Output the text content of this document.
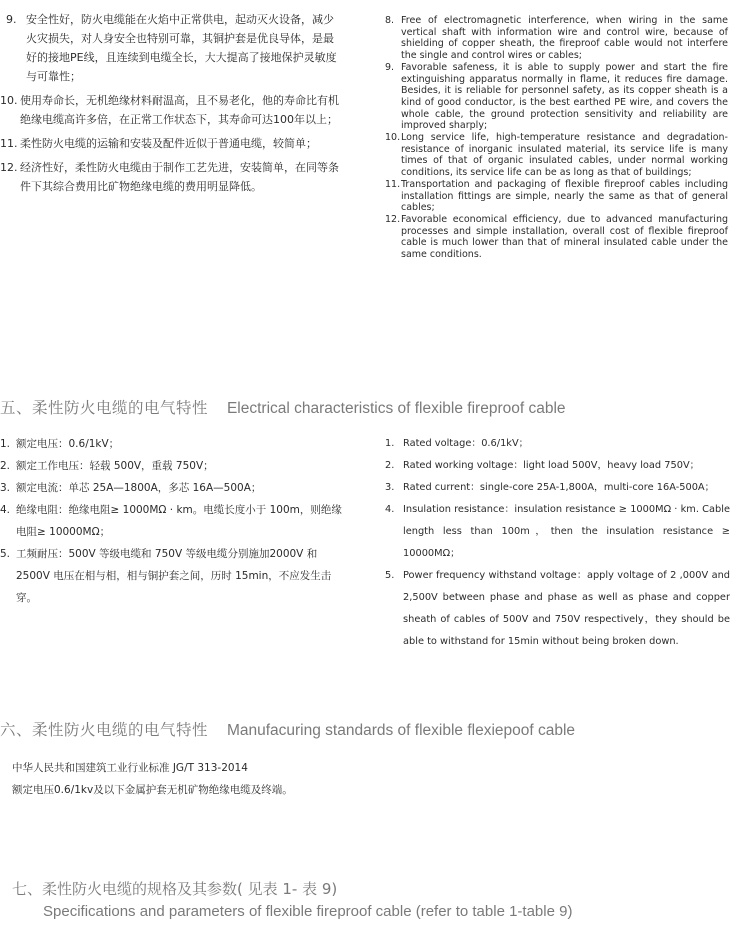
9. 安全性好，防火电缆能在火焰中正常供电，起动灭火设备，减少火灾损失，对人身安全也特别可靠，其铜护套是优良导体，是最好的接地PE线，且连续到电缆全长，大大提高了接地保护灵敏度与可靠性；
10. 使用寿命长，无机绝缘材料耐温高，且不易老化，他的寿命比有机绝缘电缆高许多倍，在正常工作状态下，其寿命可达100年以上；
11. 柔性防火电缆的运输和安装及配件近似于普通电缆，较简单；
12. 经济性好，柔性防火电缆由于制作工艺先进，安装简单，在同等条件下其综合费用比矿物绝缘电缆的费用明显降低。
8. Free of electromagnetic interference, when wiring in the same vertical shaft with information wire and control wire, because of shielding of copper sheath, the fireproof cable would not interfere the single and control wires or cables;
9. Favorable safeness, it is able to supply power and start the fire extinguishing apparatus normally in flame, it reduces fire damage. Besides, it is reliable for personnel safety, as its copper sheath is a kind of good conductor, is the best earthed PE wire, and covers the whole cable, the ground protection sensitivity and reliability are improved sharply;
10. Long service life, high-temperature resistance and degradation-resistance of inorganic insulated material, its service life is many times of that of organic insulated cables, under normal working conditions, its service life can be as long as that of buildings;
11. Transportation and packaging of flexible fireproof cables including installation fittings are simple, nearly the same as that of general cables;
12. Favorable economical efficiency, due to advanced manufacturing processes and simple installation, overall cost of flexible fireproof cable is much lower than that of mineral insulated cable under the same conditions.
五、柔性防火电缆的电气特性 Electrical characteristics of flexible fireproof cable
1. 额定电压：0.6/1kV；
2. 额定工作电压：轻载 500V，重载 750V；
3. 额定电流：单芯 25A—1800A，多芯 16A—500A；
4. 绝缘电阻：绝缘电阻≥ 1000MΩ · km。电缆长度小于 100m，则绝缘电阻≥ 10000MΩ；
5. 工频耐压：500V 等级电缆和 750V 等级电缆分别施加2000V 和 2500V 电压在相与相，相与铜护套之间，历时 15min，不应发生击穿。
1. Rated voltage：0.6/1kV；
2. Rated working voltage：light load 500V，heavy load 750V；
3. Rated current：single-core 25A-1,800A，multi-core 16A-500A；
4. Insulation resistance：insulation resistance ≥ 1000MΩ · km. Cable length less than 100m，then the insulation resistance ≥ 10000MΩ；
5. Power frequency withstand voltage：apply voltage of 2 ,000V and 2,500V between phase and phase as well as phase and copper sheath of cables of 500V and 750V respectively，they should be able to withstand for 15min without being broken down.
六、柔性防火电缆的电气特性 Manufacuring standards of flexible flexiepoof cable
中华人民共和国建筑工业行业标准 JG/T 313-2014
额定电压0.6/1kv及以下金属护套无机矿物绝缘电缆及终端。
七、柔性防火电缆的规格及其参数( 见表 1- 表 9)
Specifications and parameters of flexible fireproof cable (refer to table 1-table 9)
